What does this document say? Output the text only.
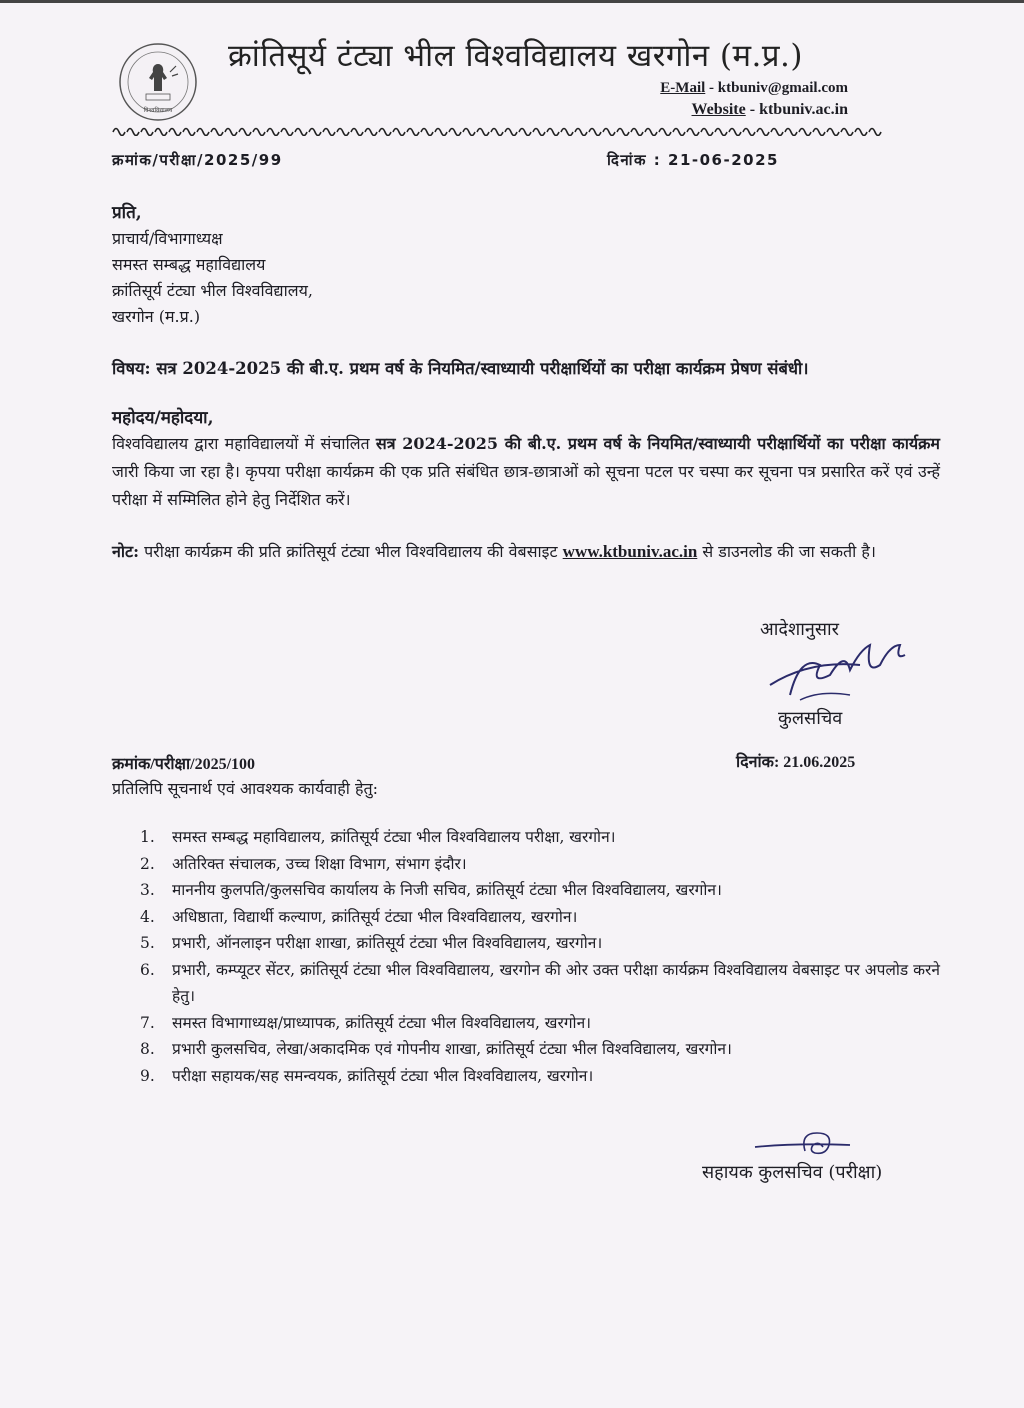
विश्वविद्यालय
क्रांतिसूर्य टंट्या भील विश्वविद्यालय खरगोन (म.प्र.)
E-Mail - ktbuniv@gmail.com
Website - ktbuniv.ac.in
क्रमांक/परीक्षा/2025/99	दिनांक : 21-06-2025
प्रति,
प्राचार्य/विभागाध्यक्ष
समस्त सम्बद्ध महाविद्यालय
क्रांतिसूर्य टंट्या भील विश्वविद्यालय,
खरगोन (म.प्र.)
विषय: सत्र 2024-2025 की बी.ए. प्रथम वर्ष के नियमित/स्वाध्यायी परीक्षार्थियों का परीक्षा कार्यक्रम प्रेषण संबंधी।
महोदय/महोदया,
विश्वविद्यालय द्वारा महाविद्यालयों में संचालित सत्र 2024-2025 की बी.ए. प्रथम वर्ष के नियमित/स्वाध्यायी परीक्षार्थियों का परीक्षा कार्यक्रम जारी किया जा रहा है। कृपया परीक्षा कार्यक्रम की एक प्रति संबंधित छात्र-छात्राओं को सूचना पटल पर चस्पा कर सूचना पत्र प्रसारित करें एवं उन्हें परीक्षा में सम्मिलित होने हेतु निर्देशित करें।
नोट: परीक्षा कार्यक्रम की प्रति क्रांतिसूर्य टंट्या भील विश्वविद्यालय की वेबसाइट www.ktbuniv.ac.in से डाउनलोड की जा सकती है।
आदेशानुसार
कुलसचिव
क्रमांक/परीक्षा/2025/100	दिनांक: 21.06.2025
प्रतिलिपि सूचनार्थ एवं आवश्यक कार्यवाही हेतु:
1. समस्त सम्बद्ध महाविद्यालय, क्रांतिसूर्य टंट्या भील विश्वविद्यालय परीक्षा, खरगोन।
2. अतिरिक्त संचालक, उच्च शिक्षा विभाग, संभाग इंदौर।
3. माननीय कुलपति/कुलसचिव कार्यालय के निजी सचिव, क्रांतिसूर्य टंट्या भील विश्वविद्यालय, खरगोन।
4. अधिष्ठाता, विद्यार्थी कल्याण, क्रांतिसूर्य टंट्या भील विश्वविद्यालय, खरगोन।
5. प्रभारी, ऑनलाइन परीक्षा शाखा, क्रांतिसूर्य टंट्या भील विश्वविद्यालय, खरगोन।
6. प्रभारी, कम्प्यूटर सेंटर, क्रांतिसूर्य टंट्या भील विश्वविद्यालय, खरगोन की ओर उक्त परीक्षा कार्यक्रम विश्वविद्यालय वेबसाइट पर अपलोड करने हेतु।
7. समस्त विभागाध्यक्ष/प्राध्यापक, क्रांतिसूर्य टंट्या भील विश्वविद्यालय, खरगोन।
8. प्रभारी कुलसचिव, लेखा/अकादमिक एवं गोपनीय शाखा, क्रांतिसूर्य टंट्या भील विश्वविद्यालय, खरगोन।
9. परीक्षा सहायक/सह समन्वयक, क्रांतिसूर्य टंट्या भील विश्वविद्यालय, खरगोन।
सहायक कुलसचिव (परीक्षा)
